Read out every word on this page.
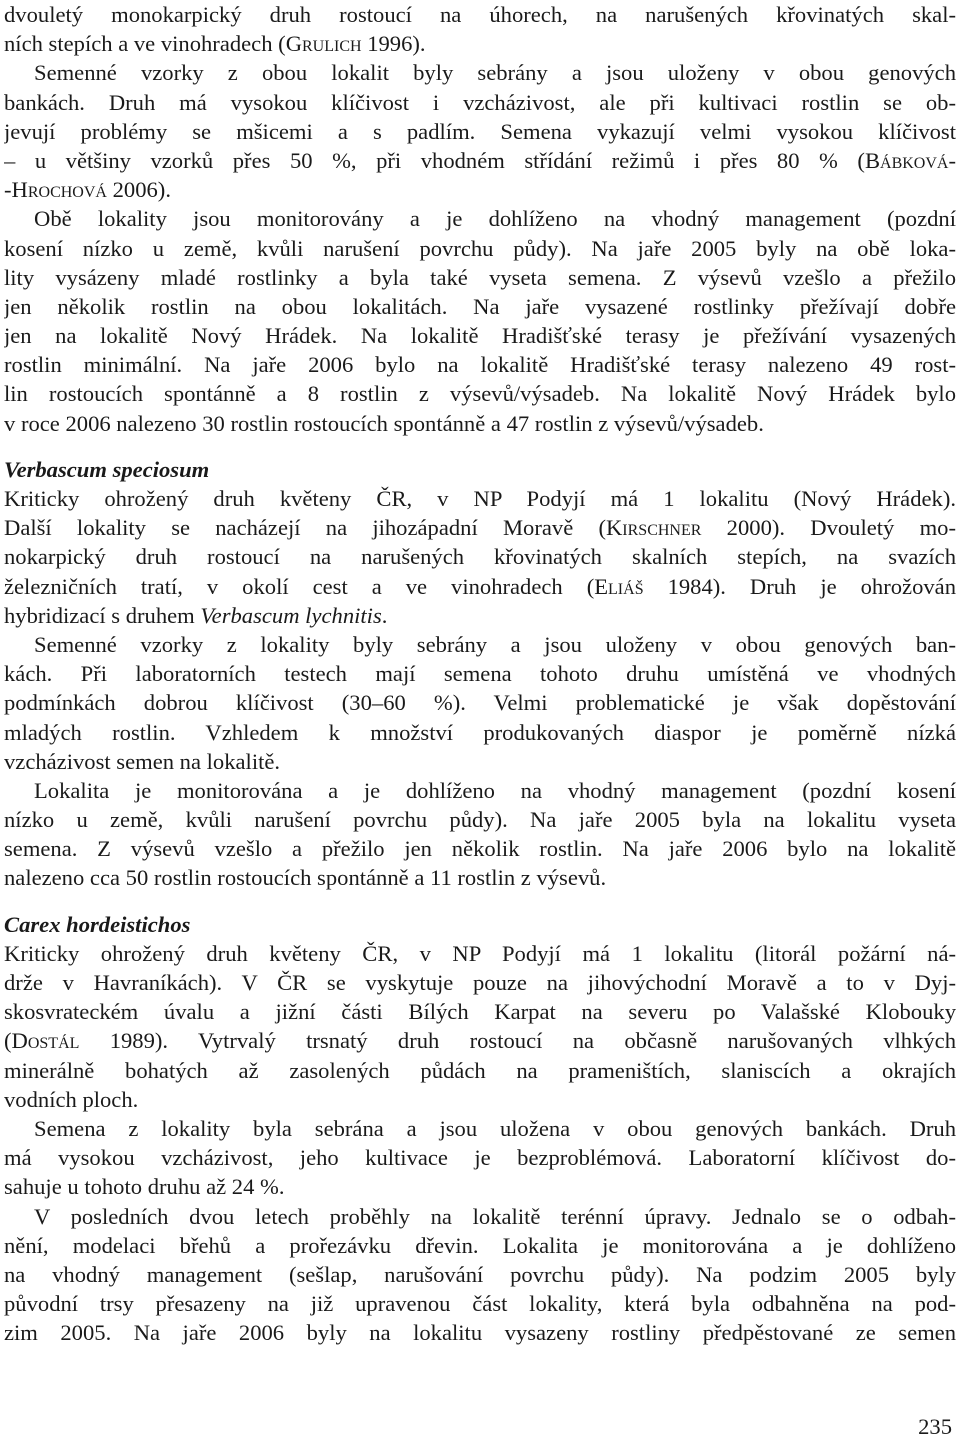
dvouletý monokarpický druh rostoucí na úhorech, na narušených křovinatých skal-
ních stepích a ve vinohradech (Grulich 1996).
Semenné vzorky z obou lokalit byly sebrány a jsou uloženy v obou genových
bankách. Druh má vysokou klíčivost i vzcházivost, ale při kultivaci rostlin se ob-
jevují problémy se mšicemi a s padlím. Semena vykazují velmi vysokou klíčivost
– u většiny vzorků přes 50 %, při vhodném střídání režimů i přes 80 % (Bábková-
-Hrochová 2006).
Obě lokality jsou monitorovány a je dohlíženo na vhodný management (pozdní
kosení nízko u země, kvůli narušení povrchu půdy). Na jaře 2005 byly na obě loka-
lity vysázeny mladé rostlinky a byla také vyseta semena. Z výsevů vzešlo a přežilo
jen několik rostlin na obou lokalitách. Na jaře vysazené rostlinky přežívají dobře
jen na lokalitě Nový Hrádek. Na lokalitě Hradišťské terasy je přežívání vysazených
rostlin minimální. Na jaře 2006 bylo na lokalitě Hradišťské terasy nalezeno 49 rost-
lin rostoucích spontánně a 8 rostlin z výsevů/výsadeb. Na lokalitě Nový Hrádek bylo
v roce 2006 nalezeno 30 rostlin rostoucích spontánně a 47 rostlin z výsevů/výsadeb.
Verbascum speciosum
Kriticky ohrožený druh květeny ČR, v NP Podyjí má 1 lokalitu (Nový Hrádek).
Další lokality se nacházejí na jihozápadní Moravě (Kirschner 2000). Dvouletý mo-
nokarpický druh rostoucí na narušených křovinatých skalních stepích, na svazích
železničních tratí, v okolí cest a ve vinohradech (Eliáš 1984). Druh je ohrožován
hybridizací s druhem Verbascum lychnitis.
Semenné vzorky z lokality byly sebrány a jsou uloženy v obou genových ban-
kách. Při laboratorních testech mají semena tohoto druhu umístěná ve vhodných
podmínkách dobrou klíčivost (30–60 %). Velmi problematické je však dopěstování
mladých rostlin. Vzhledem k množství produkovaných diaspor je poměrně nízká
vzcházivost semen na lokalitě.
Lokalita je monitorována a je dohlíženo na vhodný management (pozdní kosení
nízko u země, kvůli narušení povrchu půdy). Na jaře 2005 byla na lokalitu vyseta
semena. Z výsevů vzešlo a přežilo jen několik rostlin. Na jaře 2006 bylo na lokalitě
nalezeno cca 50 rostlin rostoucích spontánně a 11 rostlin z výsevů.
Carex hordeistichos
Kriticky ohrožený druh květeny ČR, v NP Podyjí má 1 lokalitu (litorál požární ná-
drže v Havraníkách). V ČR se vyskytuje pouze na jihovýchodní Moravě a to v Dyj-
skosvrateckém úvalu a jižní části Bílých Karpat na severu po Valašské Klobouky
(Dostál 1989). Vytrvalý trsnatý druh rostoucí na občasně narušovaných vlhkých
minerálně bohatých až zasolených půdách na prameništích, slaniscích a okrajích
vodních ploch.
Semena z lokality byla sebrána a jsou uložena v obou genových bankách. Druh
má vysokou vzcházivost, jeho kultivace je bezproblémová. Laboratorní klíčivost do-
sahuje u tohoto druhu až 24 %.
V posledních dvou letech proběhly na lokalitě terénní úpravy. Jednalo se o odbah-
nění, modelaci břehů a prořezávku dřevin. Lokalita je monitorována a je dohlíženo
na vhodný management (sešlap, narušování povrchu půdy). Na podzim 2005 byly
původní trsy přesazeny na již upravenou část lokality, která byla odbahněna na pod-
zim 2005. Na jaře 2006 byly na lokalitu vysazeny rostliny předpěstované ze semen
235
